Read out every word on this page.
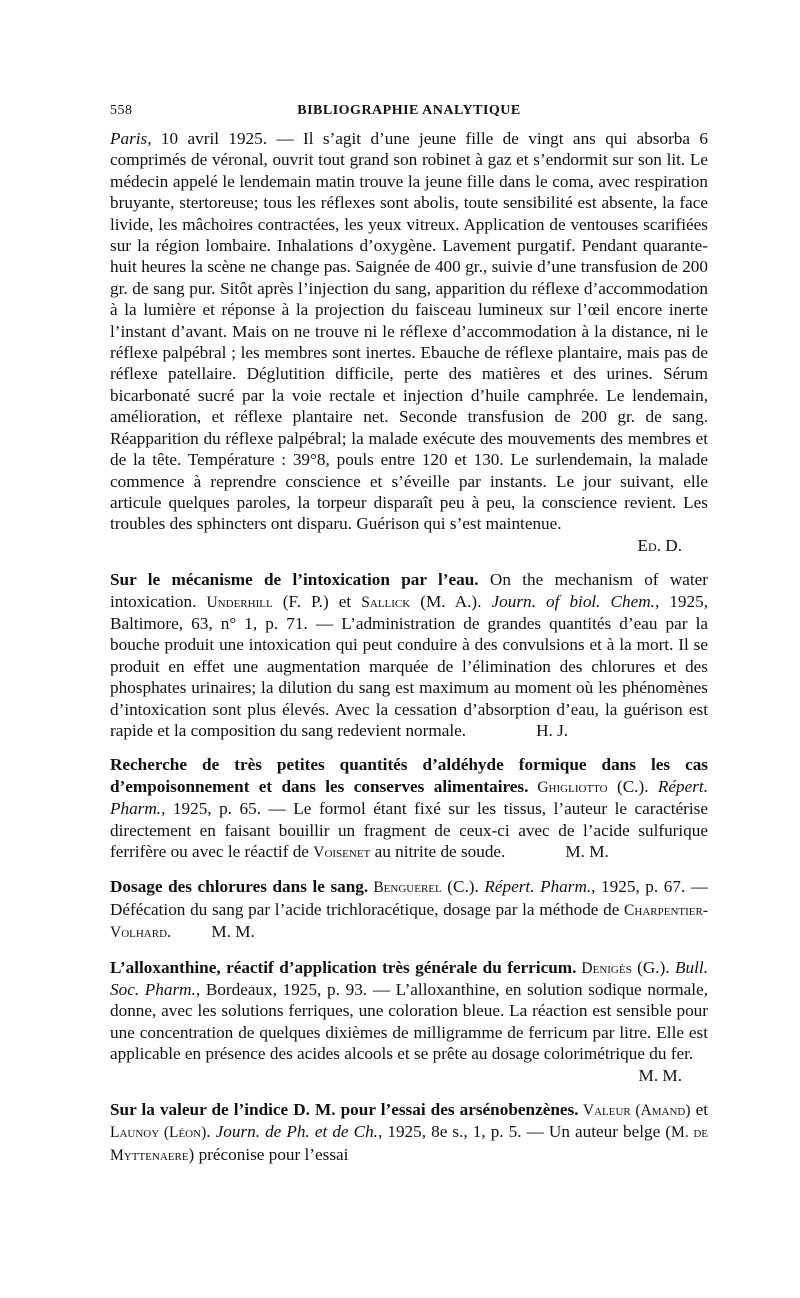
558	BIBLIOGRAPHIE ANALYTIQUE

Paris, 10 avril 1925. — Il s’agit d’une jeune fille de vingt ans qui absorba 6 comprimés de véronal, ouvrit tout grand son robinet à gaz et s’endormit sur son lit. Le médecin appelé le lendemain matin trouve la jeune fille dans le coma, avec respiration bruyante, stertoreuse; tous les réflexes sont abolis, toute sensibilité est absente, la face livide, les mâchoires contractées, les yeux vitreux. Application de ventouses scarifiées sur la région lombaire. Inhalations d’oxygène. Lavement purgatif. Pendant quarante-huit heures la scène ne change pas. Saignée de 400 gr., suivie d’une transfusion de 200 gr. de sang pur. Sitôt après l’injection du sang, apparition du réflexe d’accommodation à la lumière et réponse à la projection du faisceau lumineux sur l’œil encore inerte l’instant d’avant. Mais on ne trouve ni le réflexe d’accommodation à la distance, ni le réflexe palpébral ; les membres sont inertes. Ebauche de réflexe plantaire, mais pas de réflexe patellaire. Déglutition difficile, perte des matières et des urines. Sérum bicarbonaté sucré par la voie rectale et injection d’huile camphrée. Le lendemain, amélioration, et réflexe plantaire net. Seconde transfusion de 200 gr. de sang. Réapparition du réflexe palpébral; la malade exécute des mouvements des membres et de la tête. Température : 39°8, pouls entre 120 et 130. Le surlendemain, la malade commence à reprendre conscience et s’éveille par instants. Le jour suivant, elle articule quelques paroles, la torpeur disparaît peu à peu, la conscience revient. Les troubles des sphincters ont disparu. Guérison qui s’est maintenue.

Ed. D.

Sur le mécanisme de l’intoxication par l’eau. On the mechanism of water intoxication. Underhill (F. P.) et Sallick (M. A.). Journ. of biol. Chem., 1925, Baltimore, 63, n° 1, p. 71. — L’administration de grandes quantités d’eau par la bouche produit une intoxication qui peut conduire à des convulsions et à la mort. Il se produit en effet une augmentation marquée de l’élimination des chlorures et des phosphates urinaires; la dilution du sang est maximum au moment où les phénomènes d’intoxication sont plus élevés. Avec la cessation d’absorption d’eau, la guérison est rapide et la composition du sang redevient normale.	H. J.

Recherche de très petites quantités d’aldéhyde formique dans les cas d’empoisonnement et dans les conserves alimentaires. Ghigliotto (C.). Répert. Pharm., 1925, p. 65. — Le formol étant fixé sur les tissus, l’auteur le caractérise directement en faisant bouillir un fragment de ceux-ci avec de l’acide sulfurique ferrifère ou avec le réactif de Voisenet au nitrite de soude.	M. M.

Dosage des chlorures dans le sang. Benguerel (C.). Répert. Pharm., 1925, p. 67. — Défécation du sang par l’acide trichloracétique, dosage par la méthode de Charpentier-Volhard. M. M.

L’alloxanthine, réactif d’application très générale du ferricum. Denigès (G.). Bull. Soc. Pharm., Bordeaux, 1925, p. 93. — L’alloxanthine, en solution sodique normale, donne, avec les solutions ferriques, une coloration bleue. La réaction est sensible pour une concentration de quelques dixièmes de milligramme de ferricum par litre. Elle est applicable en présence des acides alcools et se prête au dosage colorimétrique du fer.

M. M.

Sur la valeur de l’indice D. M. pour l’essai des arsénobenzènes. Valeur (Amand) et Launoy (Léon). Journ. de Ph. et de Ch., 1925, 8e s., 1, p. 5. — Un auteur belge (M. de Myttenaere) préconise pour l’essai
